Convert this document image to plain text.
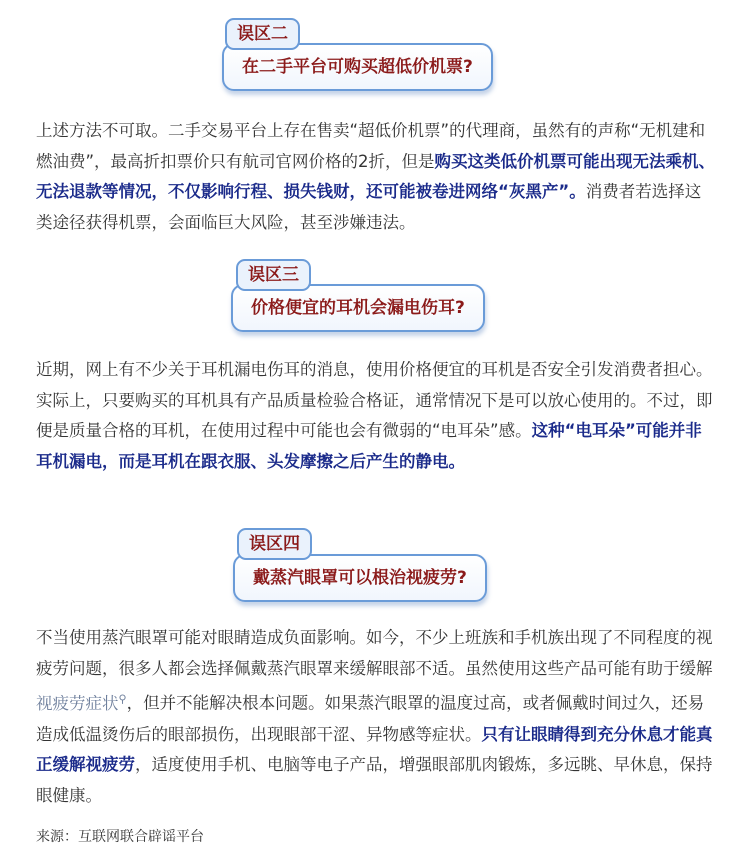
误区二
在二手平台可购买超低价机票?

上述方法不可取。二手交易平台上存在售卖“超低价机票”的代理商，虽然有的声称“无机建和燃油费”，最高折扣票价只有航司官网价格的2折，但是购买这类低价机票可能出现无法乘机、无法退款等情况，不仅影响行程、损失钱财，还可能被卷进网络“灰黑产”。消费者若选择这类途径获得机票，会面临巨大风险，甚至涉嫌违法。

误区三
价格便宜的耳机会漏电伤耳?

近期，网上有不少关于耳机漏电伤耳的消息，使用价格便宜的耳机是否安全引发消费者担心。实际上，只要购买的耳机具有产品质量检验合格证，通常情况下是可以放心使用的。不过，即便是质量合格的耳机，在使用过程中可能也会有微弱的“电耳朵”感。这种“电耳朵”可能并非耳机漏电，而是耳机在跟衣服、头发摩擦之后产生的静电。

误区四
戴蒸汽眼罩可以根治视疲劳?

不当使用蒸汽眼罩可能对眼睛造成负面影响。如今，不少上班族和手机族出现了不同程度的视疲劳问题，很多人都会选择佩戴蒸汽眼罩来缓解眼部不适。虽然使用这些产品可能有助于缓解视疲劳症状⚲，但并不能解决根本问题。如果蒸汽眼罩的温度过高，或者佩戴时间过久，还易造成低温烫伤后的眼部损伤，出现眼部干涩、异物感等症状。只有让眼睛得到充分休息才能真正缓解视疲劳，适度使用手机、电脑等电子产品，增强眼部肌肉锻炼，多远眺、早休息，保持眼健康。

来源：互联网联合辟谣平台
